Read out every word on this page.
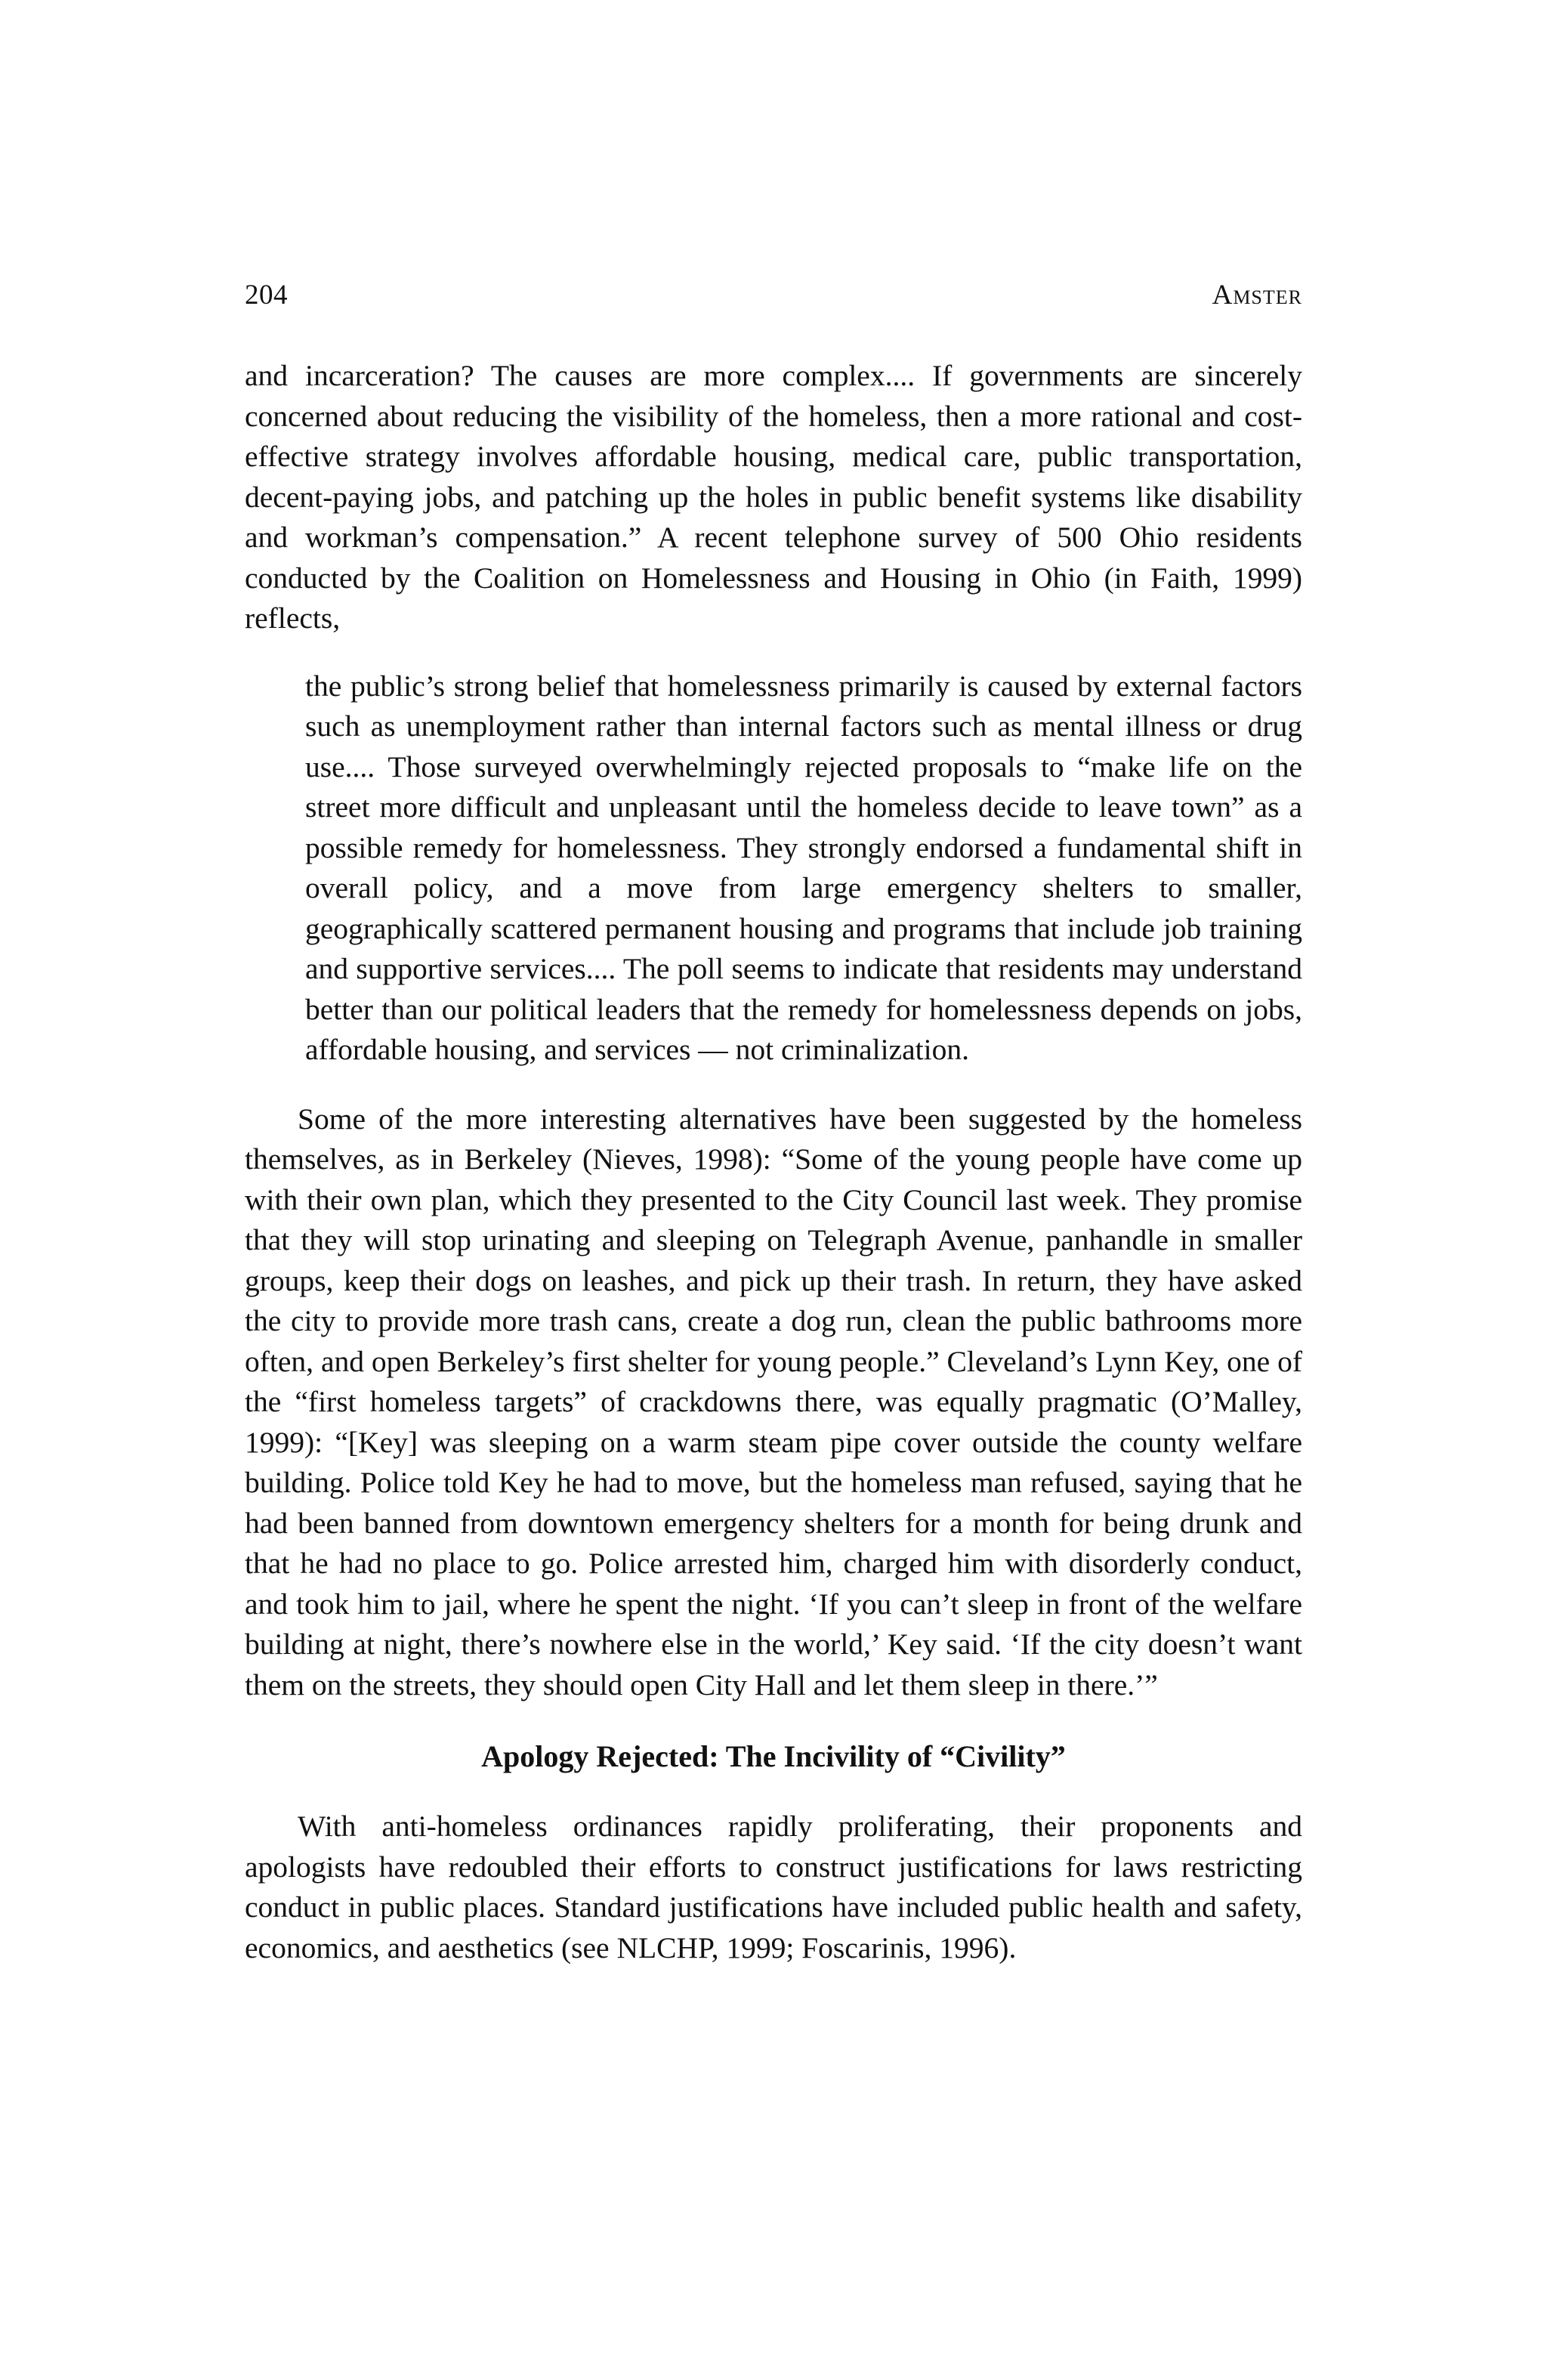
204	Amster

and incarceration? The causes are more complex.... If governments are sincerely concerned about reducing the visibility of the homeless, then a more rational and cost-effective strategy involves affordable housing, medical care, public transportation, decent-paying jobs, and patching up the holes in public benefit systems like disability and workman’s compensation.” A recent telephone survey of 500 Ohio residents conducted by the Coalition on Homelessness and Housing in Ohio (in Faith, 1999) reflects,

the public’s strong belief that homelessness primarily is caused by external factors such as unemployment rather than internal factors such as mental illness or drug use.... Those surveyed overwhelmingly rejected proposals to “make life on the street more difficult and unpleasant until the homeless decide to leave town” as a possible remedy for homelessness. They strongly endorsed a fundamental shift in overall policy, and a move from large emergency shelters to smaller, geographically scattered permanent housing and programs that include job training and supportive services.... The poll seems to indicate that residents may understand better than our political leaders that the remedy for homelessness depends on jobs, affordable housing, and services — not criminalization.

Some of the more interesting alternatives have been suggested by the homeless themselves, as in Berkeley (Nieves, 1998): “Some of the young people have come up with their own plan, which they presented to the City Council last week. They promise that they will stop urinating and sleeping on Telegraph Avenue, panhandle in smaller groups, keep their dogs on leashes, and pick up their trash. In return, they have asked the city to provide more trash cans, create a dog run, clean the public bathrooms more often, and open Berkeley’s first shelter for young people.” Cleveland’s Lynn Key, one of the “first homeless targets” of crackdowns there, was equally pragmatic (O’Malley, 1999): “[Key] was sleeping on a warm steam pipe cover outside the county welfare building. Police told Key he had to move, but the homeless man refused, saying that he had been banned from downtown emergency shelters for a month for being drunk and that he had no place to go. Police arrested him, charged him with disorderly conduct, and took him to jail, where he spent the night. ‘If you can’t sleep in front of the welfare building at night, there’s nowhere else in the world,’ Key said. ‘If the city doesn’t want them on the streets, they should open City Hall and let them sleep in there.’”

Apology Rejected: The Incivility of “Civility”

With anti-homeless ordinances rapidly proliferating, their proponents and apologists have redoubled their efforts to construct justifications for laws restricting conduct in public places. Standard justifications have included public health and safety, economics, and aesthetics (see NLCHP, 1999; Foscarinis, 1996).
